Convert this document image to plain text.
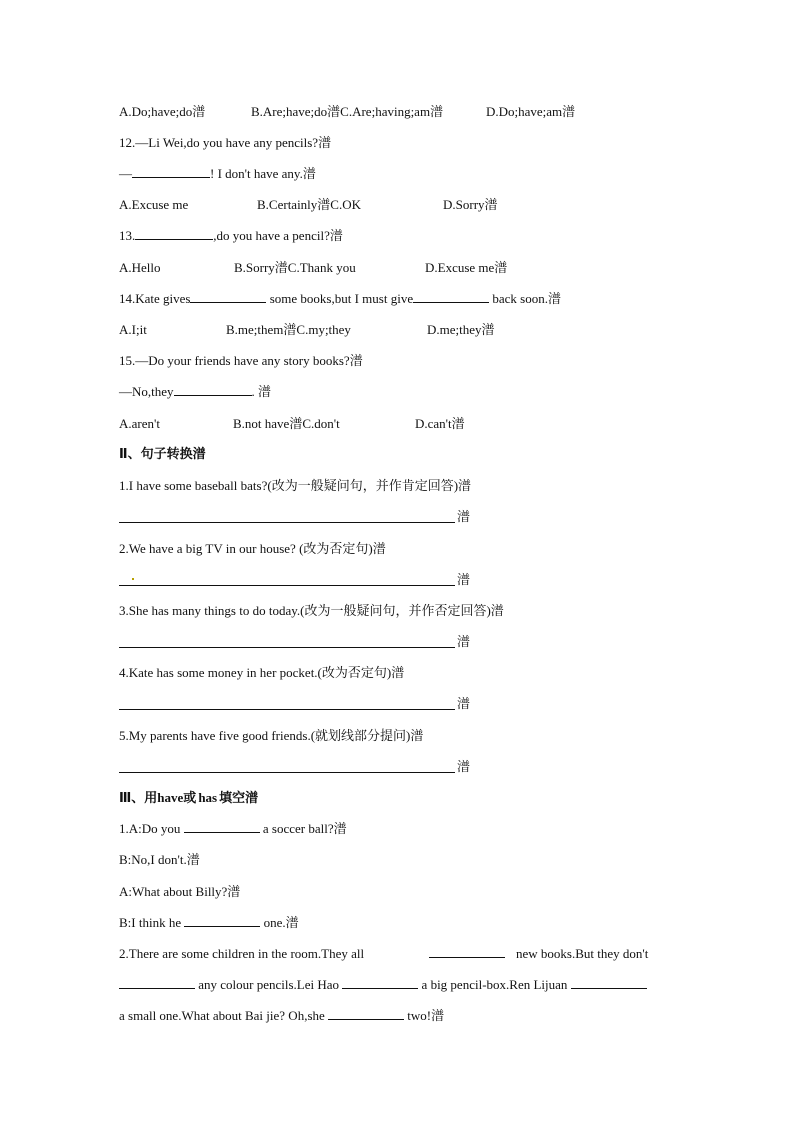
A.Do;have;do潽	B.Are;have;do潽C.Are;having;am潽	D.Do;have;am潽
12.—Li Wei,do you have any pencils?潽
—	! I don't have any.潽
A.Excuse me	B.Certainly潽C.OK	D.Sorry潽
13.	,do you have a pencil?潽
A.Hello	B.Sorry潽C.Thank you	D.Excuse me潽
14.Kate gives	some books,but I must give	back soon.潽
A.I;it	B.me;them潽C.my;they	D.me;they潽
15.—Do your friends have any story books?潽
—No,they	. 潽
A.aren't	B.not have潽C.don't	D.can't潽
Ⅱ、句子转换潽
1.I have some baseball bats?(改为一般疑问句，并作肯定回答)潽
潽
2.We have a big TV in our house? (改为否定句)潽
潽
3.She has many things to do today.(改为一般疑问句，并作否定回答)潽
潽
4.Kate has some money in her pocket.(改为否定句)潽
潽
5.My parents have five good friends.(就划线部分提问)潽
潽
Ⅲ、用have或 has 填空潽
1.A:Do you	a soccer ball?潽
B:No,I don't.潽
A:What about Billy?潽
B:I think he	one.潽
2.There are some children in the room.They all	new books.But they don't
any colour pencils.Lei Hao	a big pencil-box.Ren Lijuan
a small one.What about Bai jie? Oh,she	two!潽
